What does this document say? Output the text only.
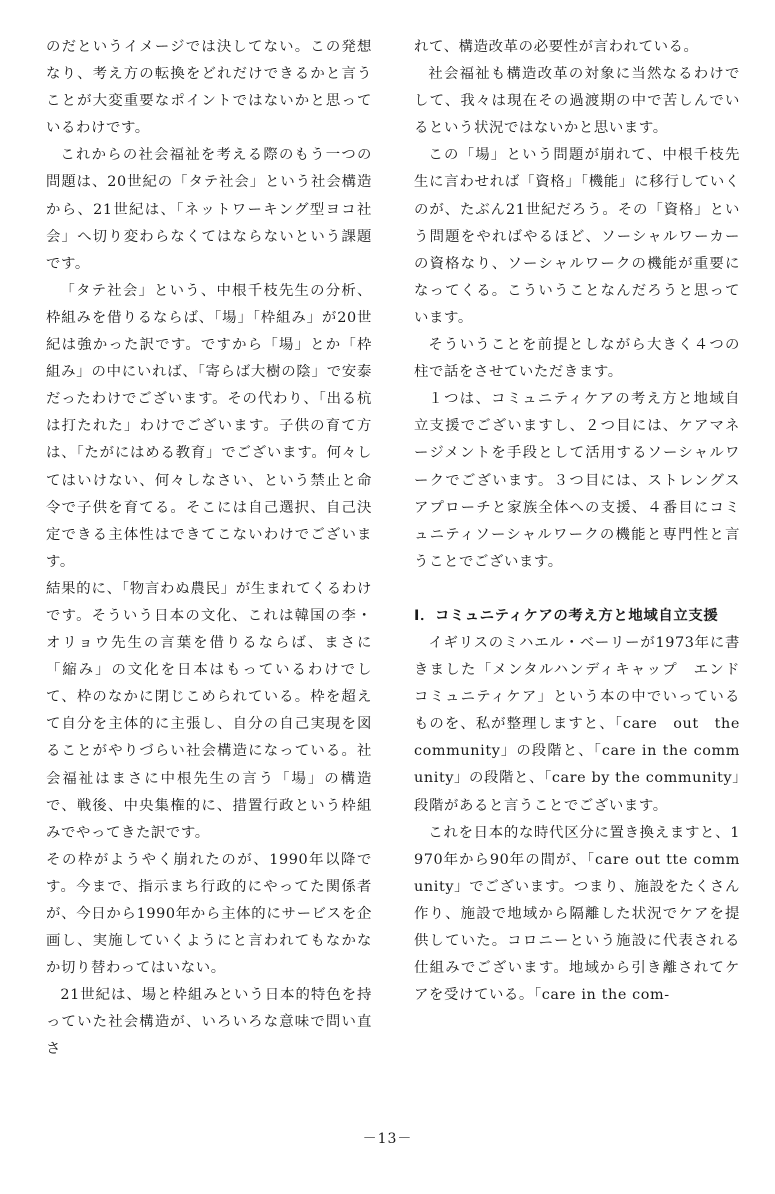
のだというイメージでは決してない。この発想なり、考え方の転換をどれだけできるかと言うことが大変重要なポイントではないかと思っているわけです。

これからの社会福祉を考える際のもう一つの問題は、20世紀の「タテ社会」という社会構造から、21世紀は、「ネットワーキング型ヨコ社会」へ切り変わらなくてはならないという課題です。

「タテ社会」という、中根千枝先生の分析、枠組みを借りるならば、「場」「枠組み」が20世紀は強かった訳です。ですから「場」とか「枠組み」の中にいれば、「寄らば大樹の陰」で安泰だったわけでございます。その代わり、「出る杭は打たれた」わけでございます。子供の育て方は、「たがにはめる教育」でございます。何々してはいけない、何々しなさい、という禁止と命令で子供を育てる。そこには自己選択、自己決定できる主体性はできてこないわけでございます。

結果的に、「物言わぬ農民」が生まれてくるわけです。そういう日本の文化、これは韓国の李・オリョウ先生の言葉を借りるならば、まさに「縮み」の文化を日本はもっているわけでして、枠のなかに閉じこめられている。枠を超えて自分を主体的に主張し、自分の自己実現を図ることがやりづらい社会構造になっている。社会福祉はまさに中根先生の言う「場」の構造で、戦後、中央集権的に、措置行政という枠組みでやってきた訳です。

その枠がようやく崩れたのが、1990年以降です。今まで、指示まち行政的にやってた関係者が、今日から1990年から主体的にサービスを企画し、実施していくようにと言われてもなかなか切り替わってはいない。

21世紀は、場と枠組みという日本的特色を持っていた社会構造が、いろいろな意味で問い直さ

れて、構造改革の必要性が言われている。

社会福祉も構造改革の対象に当然なるわけでして、我々は現在その過渡期の中で苦しんでいるという状況ではないかと思います。

この「場」という問題が崩れて、中根千枝先生に言わせれば「資格」「機能」に移行していくのが、たぶん21世紀だろう。その「資格」という問題をやればやるほど、ソーシャルワーカーの資格なり、ソーシャルワークの機能が重要になってくる。こういうことなんだろうと思っています。

そういうことを前提としながら大きく４つの柱で話をさせていただきます。

１つは、コミュニティケアの考え方と地域自立支援でございますし、２つ目には、ケアマネージメントを手段として活用するソーシャルワークでございます。３つ目には、ストレングスアプローチと家族全体への支援、４番目にコミュニティソーシャルワークの機能と専門性と言うことでございます。

Ⅰ．コミュニティケアの考え方と地域自立支援

イギリスのミハエル・ベーリーが1973年に書きました「メンタルハンディキャップ　エンド　コミュニティケア」という本の中でいっているものを、私が整理しますと、「care　out　the community」の段階と、「care in the community」の段階と、「care by the community」段階があると言うことでございます。

これを日本的な時代区分に置き換えますと、1970年から90年の間が、「care out tte community」でございます。つまり、施設をたくさん作り、施設で地域から隔離した状況でケアを提供していた。コロニーという施設に代表される仕組みでございます。地域から引き離されてケアを受けている。「care in the com-

－13－
